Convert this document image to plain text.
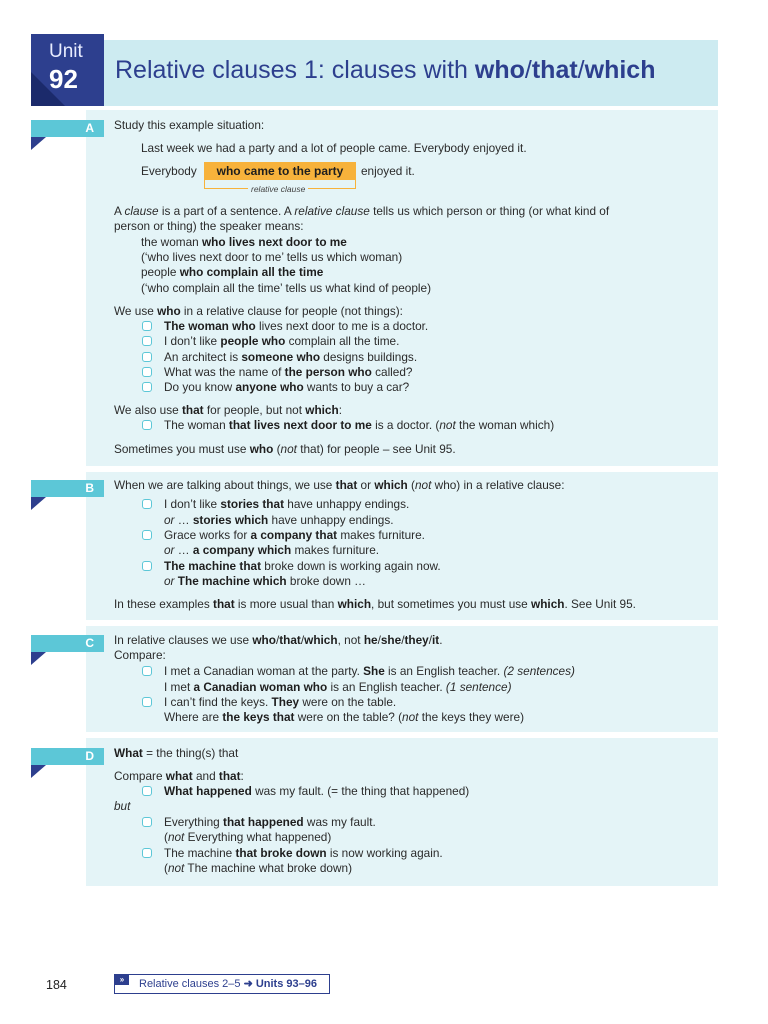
Unit
92 Relative clauses 1: clauses with who/that/which
A	Study this example situation:
Last week we had a party and a lot of people came. Everybody enjoyed it.
Everybody	who came to the party	enjoyed it.
relative clause
A clause is a part of a sentence. A relative clause tells us which person or thing (or what kind of
person or thing) the speaker means:
the woman who lives next door to me
(‘who lives next door to me’ tells us which woman)
people who complain all the time
(‘who complain all the time’ tells us what kind of people)
We use who in a relative clause for people (not things):
The woman who lives next door to me is a doctor.
I don’t like people who complain all the time.
An architect is someone who designs buildings.
What was the name of the person who called?
Do you know anyone who wants to buy a car?
We also use that for people, but not which:
The woman that lives next door to me is a doctor. (not the woman which)
Sometimes you must use who (not that) for people – see Unit 95.
B	When we are talking about things, we use that or which (not who) in a relative clause:
I don’t like stories that have unhappy endings.
or … stories which have unhappy endings.
Grace works for a company that makes furniture.
or … a company which makes furniture.
The machine that broke down is working again now.
or The machine which broke down …
In these examples that is more usual than which, but sometimes you must use which. See Unit 95.
C	In relative clauses we use who/that/which, not he/she/they/it.
Compare:
I met a Canadian woman at the party. She is an English teacher. (2 sentences)
I met a Canadian woman who is an English teacher. (1 sentence)
I can’t find the keys. They were on the table.
Where are the keys that were on the table? (not the keys they were)
D	What = the thing(s) that
Compare what and that:
What happened was my fault. (= the thing that happened)
but
Everything that happened was my fault.
(not Everything what happened)
The machine that broke down is now working again.
(not The machine what broke down)
184	»	Relative clauses 2–5 ➜ Units 93–96
